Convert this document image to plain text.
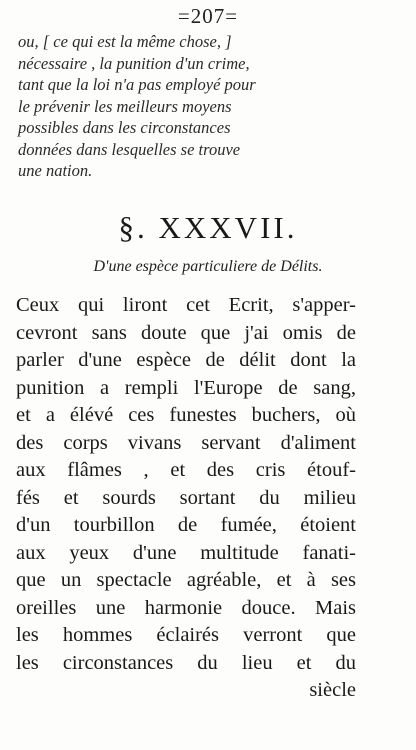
=207=
ou, [ ce qui est la même chose, ]
nécessaire , la punition d'un crime,
tant que la loi n'a pas employé pour
le prévenir les meilleurs moyens
possibles dans les circonstances
données dans lesquelles se trouve
une nation.
§. XXXVII.
D'une espèce particuliere de Délits.
Ceux qui liront cet Ecrit, s'apper-
cevront sans doute que j'ai omis de
parler d'une espèce de délit dont la
punition a rempli l'Europe de sang,
et a élévé ces funestes buchers, où
des corps vivans servant d'aliment
aux flâmes , et des cris étouf-
fés et sourds sortant du milieu
d'un tourbillon de fumée, étoient
aux yeux d'une multitude fanati-
que un spectacle agréable, et à ses
oreilles une harmonie douce. Mais
les hommes éclairés verront que
les circonstances du lieu et du
siècle
